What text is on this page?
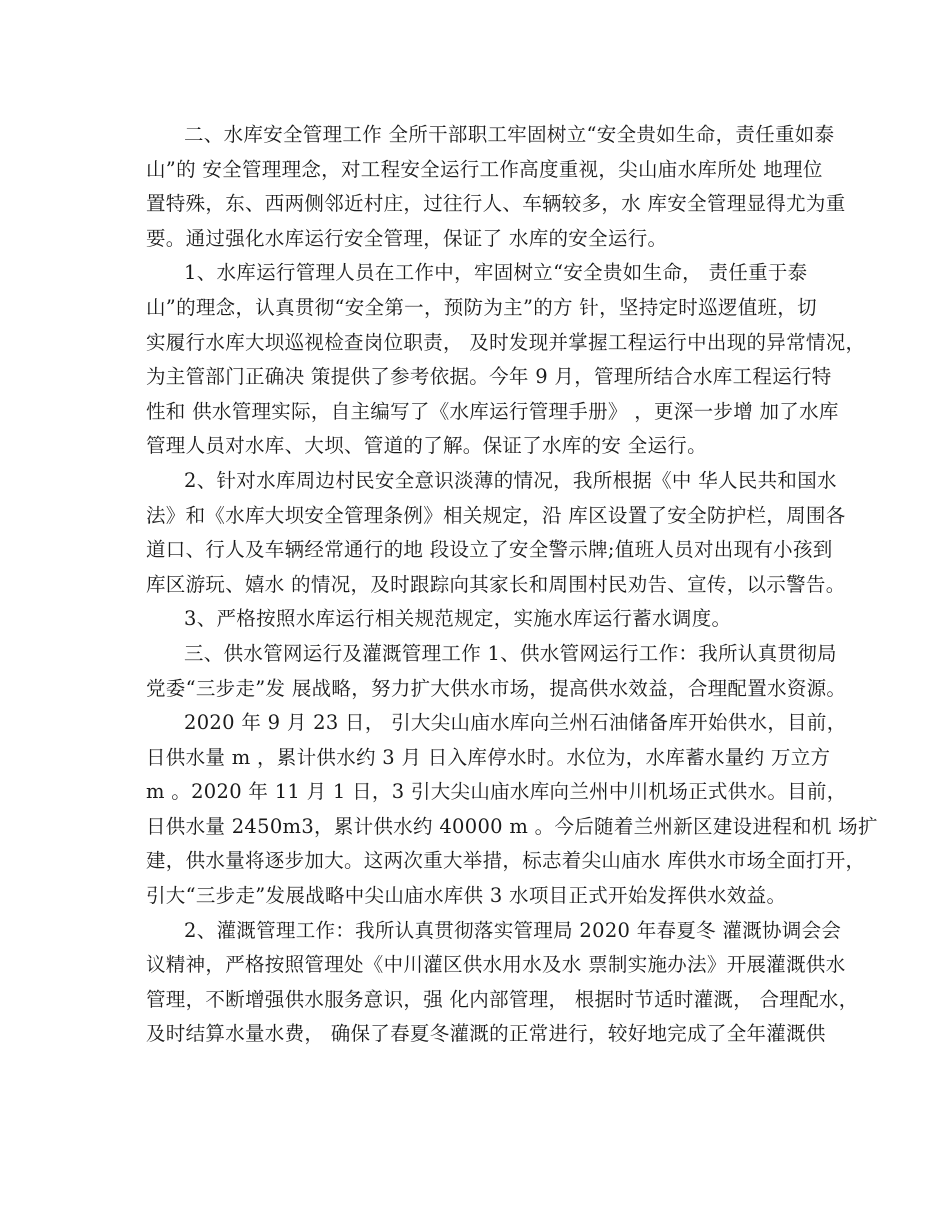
二、水库安全管理工作 全所干部职工牢固树立“安全贵如生命，责任重如泰
山”的 安全管理理念，对工程安全运行工作高度重视，尖山庙水库所处 地理位
置特殊，东、西两侧邻近村庄，过往行人、车辆较多，水 库安全管理显得尤为重
要。通过强化水库运行安全管理，保证了 水库的安全运行。
1、水库运行管理人员在工作中，牢固树立“安全贵如生命， 责任重于泰
山”的理念，认真贯彻“安全第一，预防为主”的方 针，坚持定时巡逻值班，切
实履行水库大坝巡视检查岗位职责， 及时发现并掌握工程运行中出现的异常情况，
为主管部门正确决 策提供了参考依据。今年 9 月，管理所结合水库工程运行特
性和 供水管理实际，自主编写了《水库运行管理手册》 ，更深一步增 加了水库
管理人员对水库、大坝、管道的了解。保证了水库的安 全运行。
2、针对水库周边村民安全意识淡薄的情况，我所根据《中 华人民共和国水
法》和《水库大坝安全管理条例》相关规定，沿 库区设置了安全防护栏，周围各
道口、行人及车辆经常通行的地 段设立了安全警示牌;值班人员对出现有小孩到
库区游玩、嬉水 的情况，及时跟踪向其家长和周围村民劝告、宣传，以示警告。
3、严格按照水库运行相关规范规定，实施水库运行蓄水调度。
三、供水管网运行及灌溉管理工作 1、供水管网运行工作：我所认真贯彻局
党委“三步走”发 展战略，努力扩大供水市场，提高供水效益，合理配置水资源。
2020 年 9 月 23 日， 引大尖山庙水库向兰州石油储备库开始供水，目前，
日供水量 m ，累计供水约 3 月 日入库停水时。水位为，水库蓄水量约 万立方
m 。2020 年 11 月 1 日，3 引大尖山庙水库向兰州中川机场正式供水。目前，
日供水量 2450m3，累计供水约 40000 m 。今后随着兰州新区建设进程和机 场扩
建，供水量将逐步加大。这两次重大举措，标志着尖山庙水 库供水市场全面打开，
引大“三步走”发展战略中尖山庙水库供 3 水项目正式开始发挥供水效益。
2、灌溉管理工作：我所认真贯彻落实管理局 2020 年春夏冬 灌溉协调会会
议精神，严格按照管理处《中川灌区供水用水及水 票制实施办法》开展灌溉供水
管理，不断增强供水服务意识，强 化内部管理， 根据时节适时灌溉， 合理配水，
及时结算水量水费， 确保了春夏冬灌溉的正常进行，较好地完成了全年灌溉供
